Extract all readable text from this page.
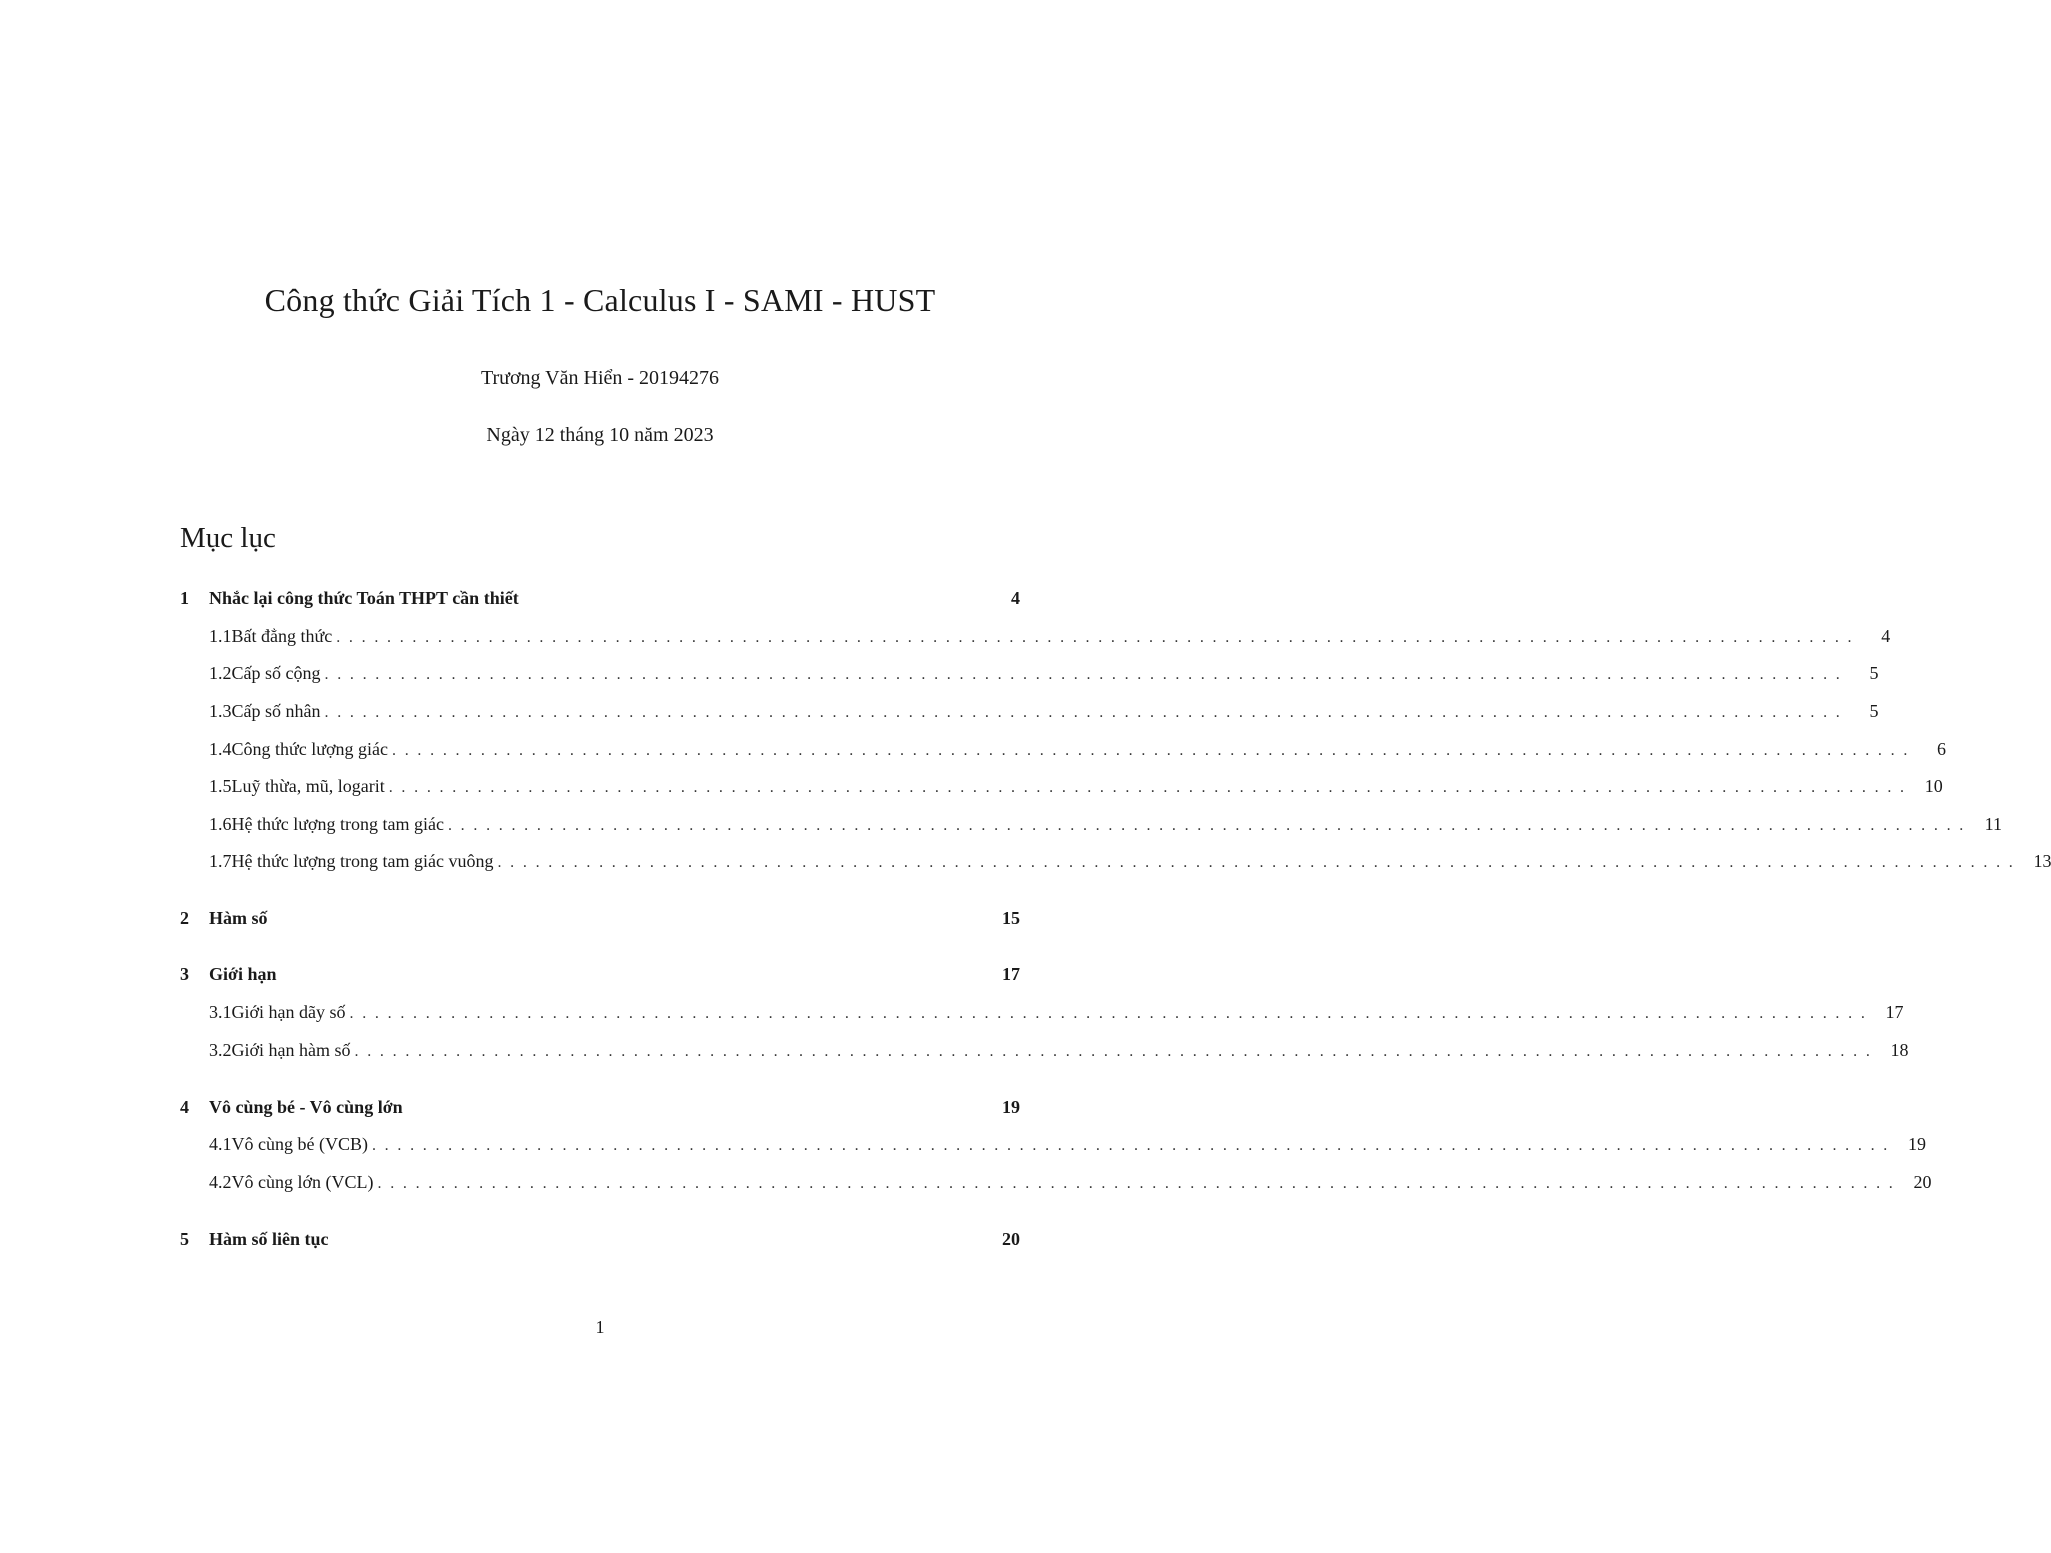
Công thức Giải Tích 1 - Calculus I - SAMI - HUST
Trương Văn Hiển - 20194276
Ngày 12 tháng 10 năm 2023
Mục lục
1	Nhắc lại công thức Toán THPT cần thiết	4
1.1 Bất đẳng thức ........................................................................................................................	4
1.2 Cấp số cộng ........................................................................................................................	5
1.3 Cấp số nhân ........................................................................................................................	5
1.4 Công thức lượng giác ........................................................................................................................	6
1.5 Luỹ thừa, mũ, logarit ........................................................................................................................ 10
1.6 Hệ thức lượng trong tam giác ........................................................................................................................ 11
1.7 Hệ thức lượng trong tam giác vuông ........................................................................................................................ 13
2	Hàm số	15
3	Giới hạn	17
3.1 Giới hạn dãy số ........................................................................................................................ 17
3.2 Giới hạn hàm số ........................................................................................................................ 18
4	Vô cùng bé - Vô cùng lớn	19
4.1 Vô cùng bé (VCB) ........................................................................................................................ 19
4.2 Vô cùng lớn (VCL) ........................................................................................................................ 20
5	Hàm số liên tục	20
1
